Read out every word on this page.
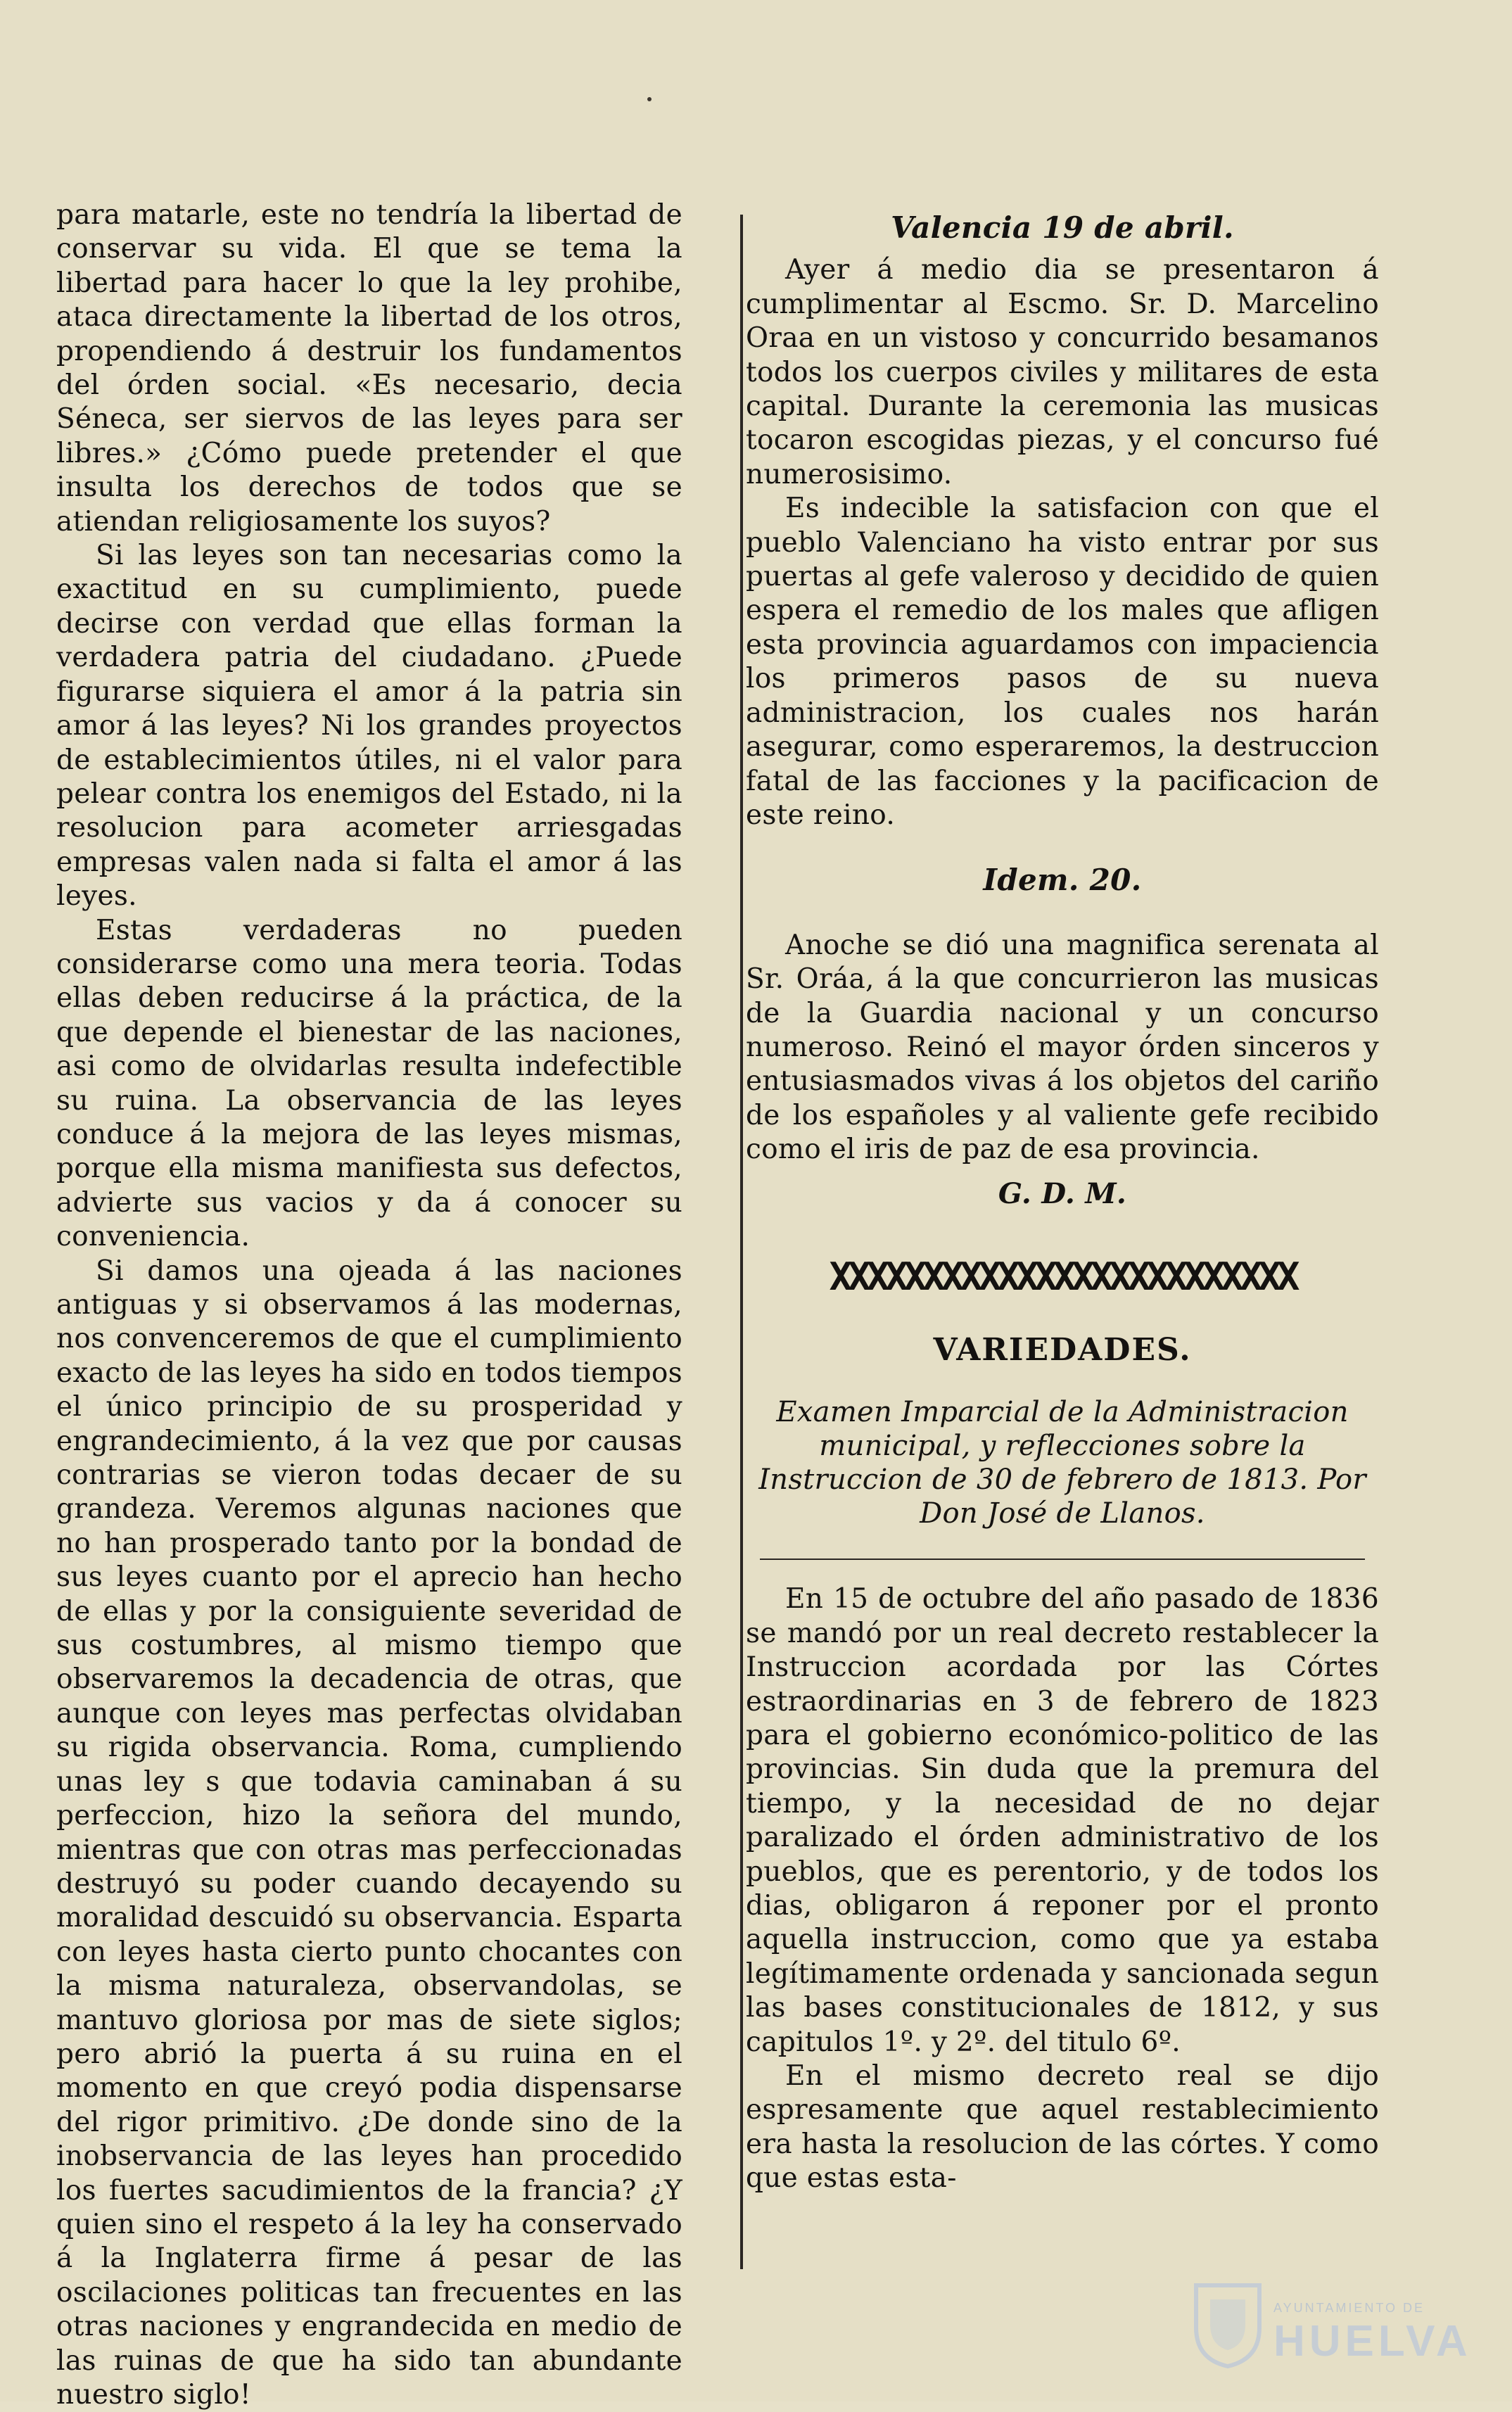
para matarle, este no tendría la libertad de conservar su vida. El que se tema la libertad para hacer lo que la ley prohibe, ataca directamente la libertad de los otros, propendiendo á destruir los fundamentos del órden social. «Es necesario, decia Séneca, ser siervos de las leyes para ser libres.» ¿Cómo puede pretender el que insulta los derechos de todos que se atiendan religiosamente los suyos?

Si las leyes son tan necesarias como la exactitud en su cumplimiento, puede decirse con verdad que ellas forman la verdadera patria del ciudadano. ¿Puede figurarse siquiera el amor á la patria sin amor á las leyes? Ni los grandes proyectos de establecimientos útiles, ni el valor para pelear contra los enemigos del Estado, ni la resolucion para acometer arriesgadas empresas valen nada si falta el amor á las leyes.

Estas verdaderas no pueden considerarse como una mera teoria. Todas ellas deben reducirse á la práctica, de la que depende el bienestar de las naciones, asi como de olvidarlas resulta indefectible su ruina. La observancia de las leyes conduce á la mejora de las leyes mismas, porque ella misma manifiesta sus defectos, advierte sus vacios y da á conocer su conveniencia.

Si damos una ojeada á las naciones antiguas y si observamos á las modernas, nos convenceremos de que el cumplimiento exacto de las leyes ha sido en todos tiempos el único principio de su prosperidad y engrandecimiento, á la vez que por causas contrarias se vieron todas decaer de su grandeza. Veremos algunas naciones que no han prosperado tanto por la bondad de sus leyes cuanto por el aprecio han hecho de ellas y por la consiguiente severidad de sus costumbres, al mismo tiempo que observaremos la decadencia de otras, que aunque con leyes mas perfectas olvidaban su rigida observancia. Roma, cumpliendo unas ley s que todavia caminaban á su perfeccion, hizo la señora del mundo, mientras que con otras mas perfeccionadas destruyó su poder cuando decayendo su moralidad descuidó su observancia. Esparta con leyes hasta cierto punto chocantes con la misma naturaleza, observandolas, se mantuvo gloriosa por mas de siete siglos; pero abrió la puerta á su ruina en el momento en que creyó podia dispensarse del rigor primitivo. ¿De donde sino de la inobservancia de las leyes han procedido los fuertes sacudimientos de la francia? ¿Y quien sino el respeto á la ley ha conservado á la Inglaterra firme á pesar de las oscilaciones politicas tan frecuentes en las otras naciones y engrandecida en medio de las ruinas de que ha sido tan abundante nuestro siglo!

Valencia 19 de abril.

Ayer á medio dia se presentaron á cumplimentar al Escmo. Sr. D. Marcelino Oraa en un vistoso y concurrido besamanos todos los cuerpos civiles y militares de esta capital. Durante la ceremonia las musicas tocaron escogidas piezas, y el concurso fué numerosisimo.

Es indecible la satisfacion con que el pueblo Valenciano ha visto entrar por sus puertas al gefe valeroso y decidido de quien espera el remedio de los males que afligen esta provincia aguardamos con impaciencia los primeros pasos de su nueva administracion, los cuales nos harán asegurar, como esperaremos, la destruccion fatal de las facciones y la pacificacion de este reino.

Idem. 20.

Anoche se dió una magnifica serenata al Sr. Oráa, á la que concurrieron las musicas de la Guardia nacional y un concurso numeroso. Reinó el mayor órden sinceros y entusiasmados vivas á los objetos del cariño de los españoles y al valiente gefe recibido como el iris de paz de esa provincia.

G. D. M.

XXXXXXXXXXXXXXXXXXXXXXXXX

VARIEDADES.

Examen Imparcial de la Administracion municipal, y reflecciones sobre la Instruccion de 30 de febrero de 1813. Por Don José de Llanos.

En 15 de octubre del año pasado de 1836 se mandó por un real decreto restablecer la Instruccion acordada por las Córtes estraordinarias en 3 de febrero de 1823 para el gobierno económico-politico de las provincias. Sin duda que la premura del tiempo, y la necesidad de no dejar paralizado el órden administrativo de los pueblos, que es perentorio, y de todos los dias, obligaron á reponer por el pronto aquella instruccion, como que ya estaba legítimamente ordenada y sancionada segun las bases constitucionales de 1812, y sus capitulos 1º. y 2º. del titulo 6º.

En el mismo decreto real se dijo espresamente que aquel restablecimiento era hasta la resolucion de las córtes. Y como que estas esta-

AYUNTAMIENTO DE
HUELVA
